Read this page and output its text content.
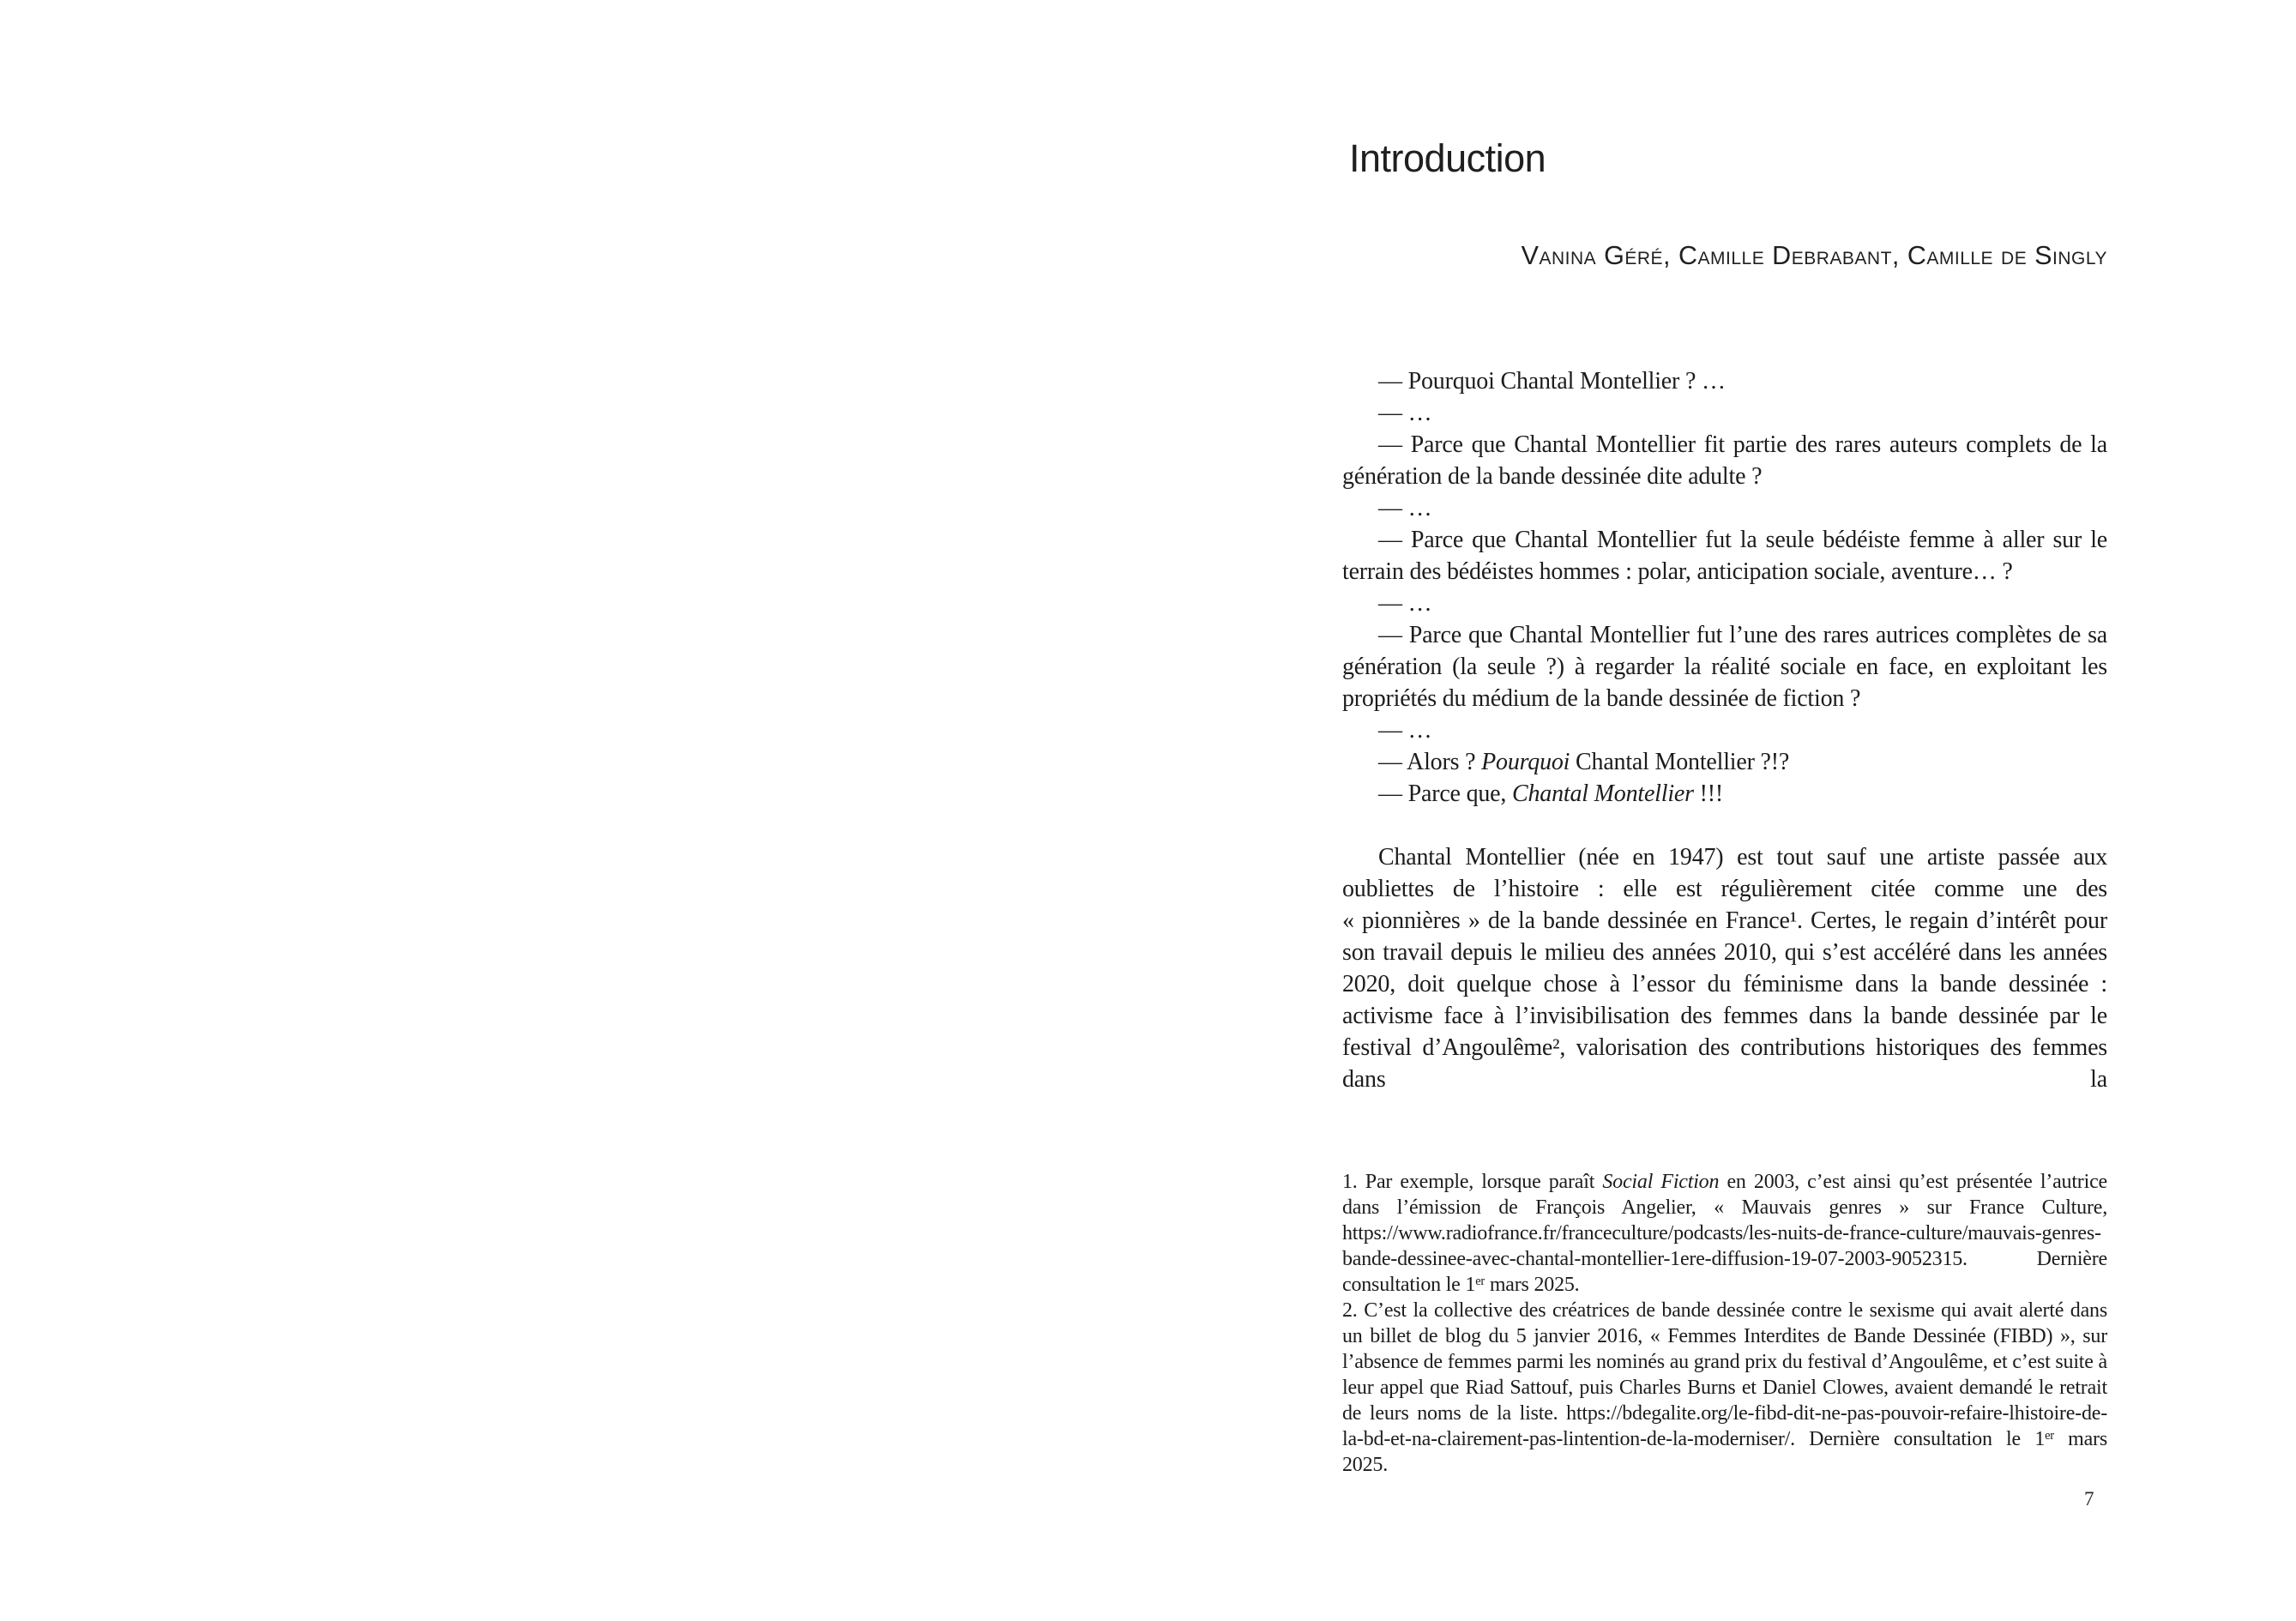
Introduction
Vanina Géré, Camille Debrabant, Camille de Singly

— Pourquoi Chantal Montellier ? …

— …

— Parce que Chantal Montellier fit partie des rares auteurs complets de la génération de la bande dessinée dite adulte ?

— …

— Parce que Chantal Montellier fut la seule bédéiste femme à aller sur le terrain des bédéistes hommes : polar, anticipation sociale, aventure… ?

— …

— Parce que Chantal Montellier fut l’une des rares autrices complètes de sa génération (la seule ?) à regarder la réalité sociale en face, en exploitant les propriétés du médium de la bande dessinée de fiction ?

— …

— Alors ? Pourquoi Chantal Montellier ?!?

— Parce que, Chantal Montellier !!!

Chantal Montellier (née en 1947) est tout sauf une artiste passée aux oubliettes de l’histoire : elle est régulièrement citée comme une des « pionnières » de la bande dessinée en France¹. Certes, le regain d’intérêt pour son travail depuis le milieu des années 2010, qui s’est accéléré dans les années 2020, doit quelque chose à l’essor du féminisme dans la bande dessinée : activisme face à l’invisibilisation des femmes dans la bande dessinée par le festival d’Angoulême², valorisation des contributions historiques des femmes dans la

1. Par exemple, lorsque paraît Social Fiction en 2003, c’est ainsi qu’est présentée l’autrice dans l’émission de François Angelier, « Mauvais genres » sur France Culture, https://www.radiofrance.fr/franceculture/podcasts/les-nuits-de-france-culture/mauvais-genres-bande-dessinee-avec-chantal-montellier-1ere-diffusion-19-07-2003-9052315. Dernière consultation le 1er mars 2025.

2. C’est la collective des créatrices de bande dessinée contre le sexisme qui avait alerté dans un billet de blog du 5 janvier 2016, « Femmes Interdites de Bande Dessinée (FIBD) », sur l’absence de femmes parmi les nominés au grand prix du festival d’Angoulême, et c’est suite à leur appel que Riad Sattouf, puis Charles Burns et Daniel Clowes, avaient demandé le retrait de leurs noms de la liste. https://bdegalite.org/le-fibd-dit-ne-pas-pouvoir-refaire-lhistoire-de-la-bd-et-na-clairement-pas-lintention-de-la-moderniser/. Dernière consultation le 1er mars 2025.

7
